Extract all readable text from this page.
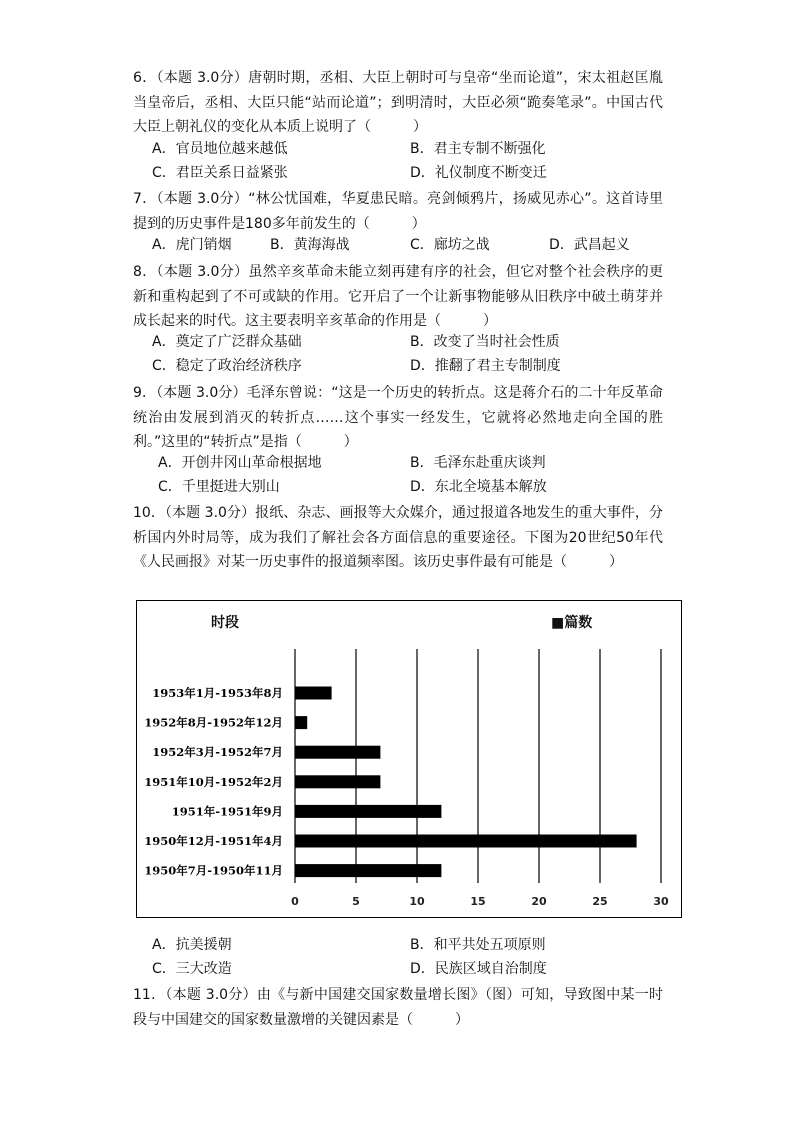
6．（本题 3.0分）唐朝时期，丞相、大臣上朝时可与皇帝“坐而论道”，宋太祖赵匡胤当皇帝后，丞相、大臣只能“站而论道”；到明清时，大臣必须“跪奏笔录”。中国古代大臣上朝礼仪的变化从本质上说明了（　　　）
A．官员地位越来越低	B．君主专制不断强化
C．君臣关系日益紧张	D．礼仪制度不断变迁
7．（本题 3.0分）“林公忧国难，华夏患民暗。亮剑倾鸦片，扬威见赤心”。这首诗里提到的历史事件是180多年前发生的（　　　）
A．虎门销烟	B．黄海海战	C．廊坊之战	D．武昌起义
8．（本题 3.0分）虽然辛亥革命未能立刻再建有序的社会，但它对整个社会秩序的更新和重构起到了不可或缺的作用。它开启了一个让新事物能够从旧秩序中破土萌芽并成长起来的时代。这主要表明辛亥革命的作用是（　　　）
A．奠定了广泛群众基础	B．改变了当时社会性质
C．稳定了政治经济秩序	D．推翻了君主专制制度
9．（本题 3.0分）毛泽东曾说：“这是一个历史的转折点。这是蒋介石的二十年反革命统治由发展到消灭的转折点……这个事实一经发生，它就将必然地走向全国的胜利。”这里的“转折点”是指（　　　）
A．开创井冈山革命根据地	B．毛泽东赴重庆谈判
C．千里挺进大别山	D．东北全境基本解放
10．（本题 3.0分）报纸、杂志、画报等大众媒介，通过报道各地发生的重大事件，分析国内外时局等，成为我们了解社会各方面信息的重要途径。下图为20世纪50年代《人民画报》对某一历史事件的报道频率图。该历史事件最有可能是（　　　）
时段	■篇数
1953年1月-1953年8月
1952年8月-1952年12月
1952年3月-1952年7月
1951年10月-1952年2月
1951年-1951年9月
1950年12月-1951年4月
1950年7月-1950年11月
0	5	10	15	20	25	30
A．抗美援朝	B．和平共处五项原则
C．三大改造	D．民族区域自治制度
11．（本题 3.0分）由《与新中国建交国家数量增长图》（图）可知，导致图中某一时段与中国建交的国家数量激增的关键因素是（　　　）
